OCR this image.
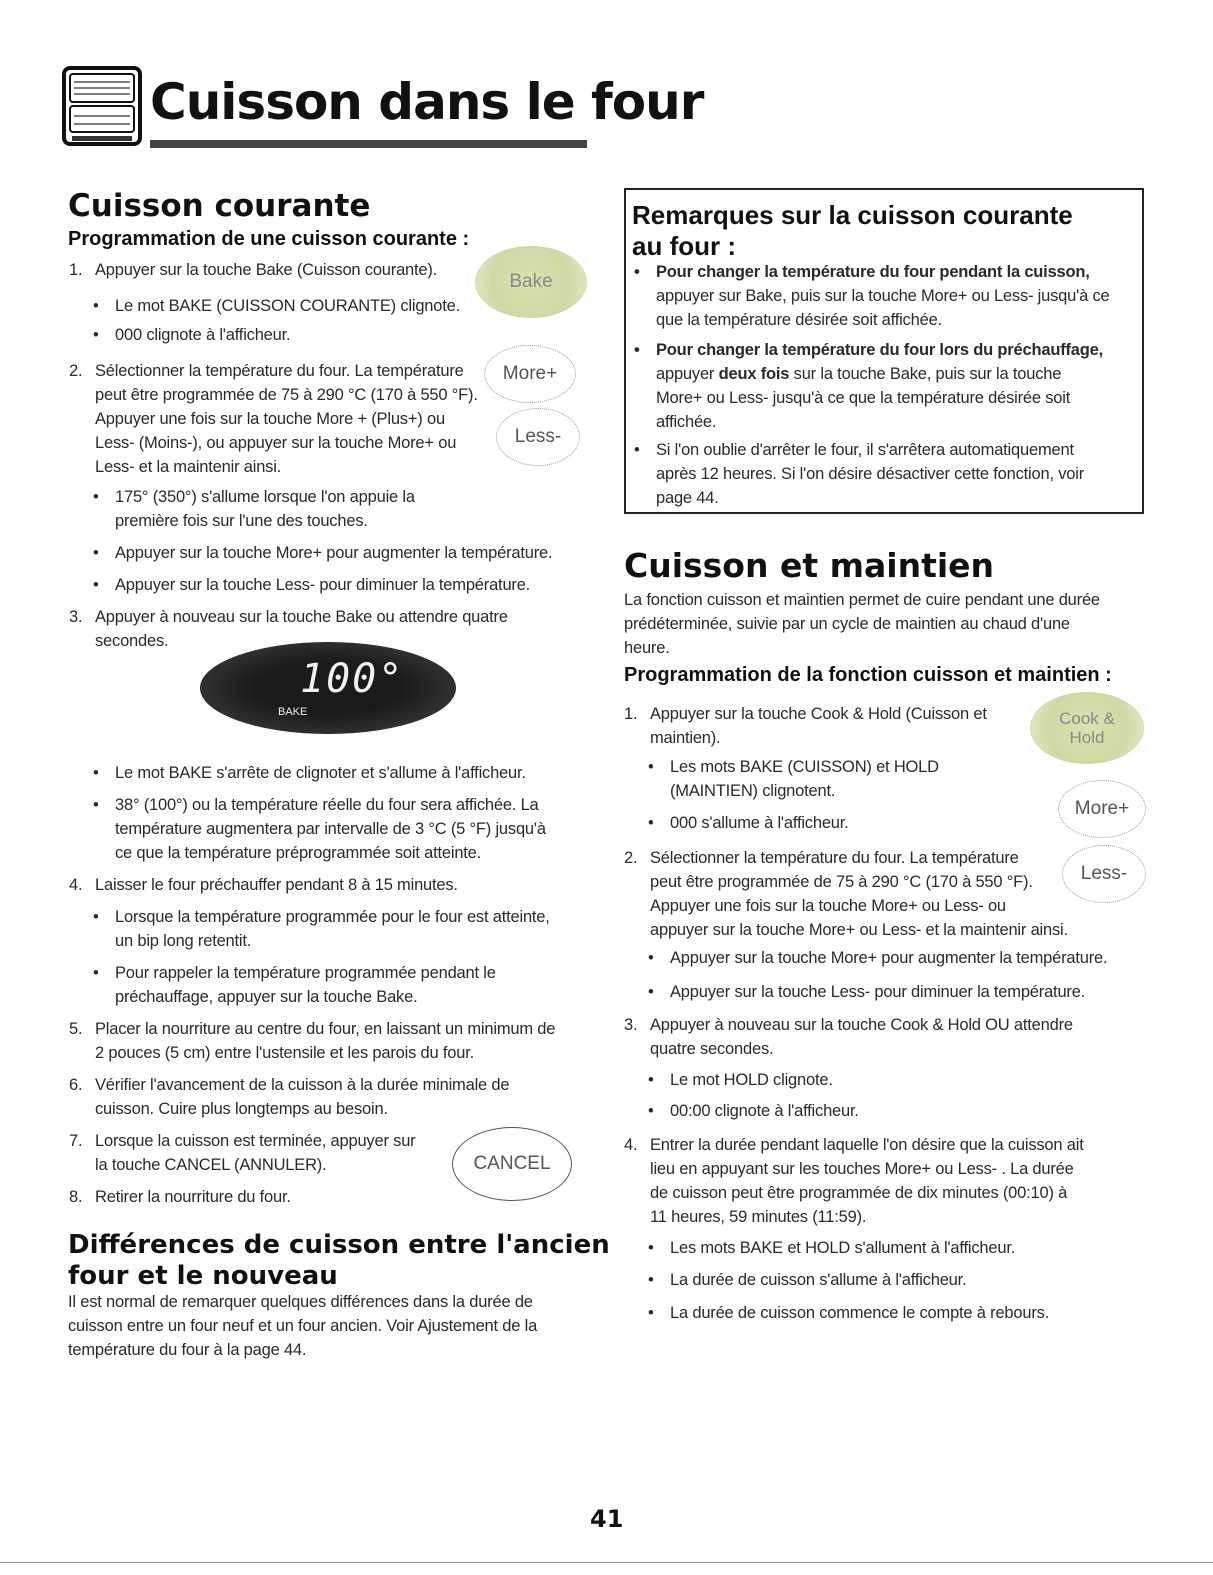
Cuisson dans le four
Cuisson courante
Programmation de une cuisson courante :
1. Appuyer sur la touche Bake (Cuisson courante).
• Le mot BAKE (CUISSON COURANTE) clignote.
• 000 clignote à l'afficheur.
2. Sélectionner la température du four. La température
peut être programmée de 75 à 290 °C (170 à 550 °F).
Appuyer une fois sur la touche More + (Plus+) ou
Less- (Moins-), ou appuyer sur la touche More+ ou
Less- et la maintenir ainsi.
• 175° (350°) s'allume lorsque l'on appuie la
première fois sur l'une des touches.
• Appuyer sur la touche More+ pour augmenter la température.
• Appuyer sur la touche Less- pour diminuer la température.
3. Appuyer à nouveau sur la touche Bake ou attendre quatre
secondes.
100°
BAKE
• Le mot BAKE s'arrête de clignoter et s'allume à l'afficheur.
• 38° (100°) ou la température réelle du four sera affichée. La
température augmentera par intervalle de 3 °C (5 °F) jusqu'à
ce que la température préprogrammée soit atteinte.
4. Laisser le four préchauffer pendant 8 à 15 minutes.
• Lorsque la température programmée pour le four est atteinte,
un bip long retentit.
• Pour rappeler la température programmée pendant le
préchauffage, appuyer sur la touche Bake.
5. Placer la nourriture au centre du four, en laissant un minimum de
2 pouces (5 cm) entre l'ustensile et les parois du four.
6. Vérifier l'avancement de la cuisson à la durée minimale de
cuisson. Cuire plus longtemps au besoin.
7. Lorsque la cuisson est terminée, appuyer sur
la touche CANCEL (ANNULER).
8. Retirer la nourriture du four.
Différences de cuisson entre l'ancien
four et le nouveau
Il est normal de remarquer quelques différences dans la durée de
cuisson entre un four neuf et un four ancien. Voir Ajustement de la
température du four à la page 44.
Bake
More+
Less-
CANCEL
Remarques sur la cuisson courante
au four :
• Pour changer la température du four pendant la cuisson,
appuyer sur Bake, puis sur la touche More+ ou Less- jusqu'à ce
que la température désirée soit affichée.
• Pour changer la température du four lors du préchauffage,
appuyer deux fois sur la touche Bake, puis sur la touche
More+ ou Less- jusqu'à ce que la température désirée soit
affichée.
• Si l'on oublie d'arrêter le four, il s'arrêtera automatiquement
après 12 heures. Si l'on désire désactiver cette fonction, voir
page 44.
Cuisson et maintien
La fonction cuisson et maintien permet de cuire pendant une durée
prédéterminée, suivie par un cycle de maintien au chaud d'une
heure.
Programmation de la fonction cuisson et maintien :
1. Appuyer sur la touche Cook & Hold (Cuisson et
maintien).
• Les mots BAKE (CUISSON) et HOLD
(MAINTIEN) clignotent.
• 000 s'allume à l'afficheur.
2. Sélectionner la température du four. La température
peut être programmée de 75 à 290 °C (170 à 550 °F).
Appuyer une fois sur la touche More+ ou Less- ou
appuyer sur la touche More+ ou Less- et la maintenir ainsi.
• Appuyer sur la touche More+ pour augmenter la température.
• Appuyer sur la touche Less- pour diminuer la température.
3. Appuyer à nouveau sur la touche Cook & Hold OU attendre
quatre secondes.
• Le mot HOLD clignote.
• 00:00 clignote à l'afficheur.
4. Entrer la durée pendant laquelle l'on désire que la cuisson ait
lieu en appuyant sur les touches More+ ou Less- . La durée
de cuisson peut être programmée de dix minutes (00:10) à
11 heures, 59 minutes (11:59).
• Les mots BAKE et HOLD s'allument à l'afficheur.
• La durée de cuisson s'allume à l'afficheur.
• La durée de cuisson commence le compte à rebours.
Cook &
Hold
More+
Less-
41
